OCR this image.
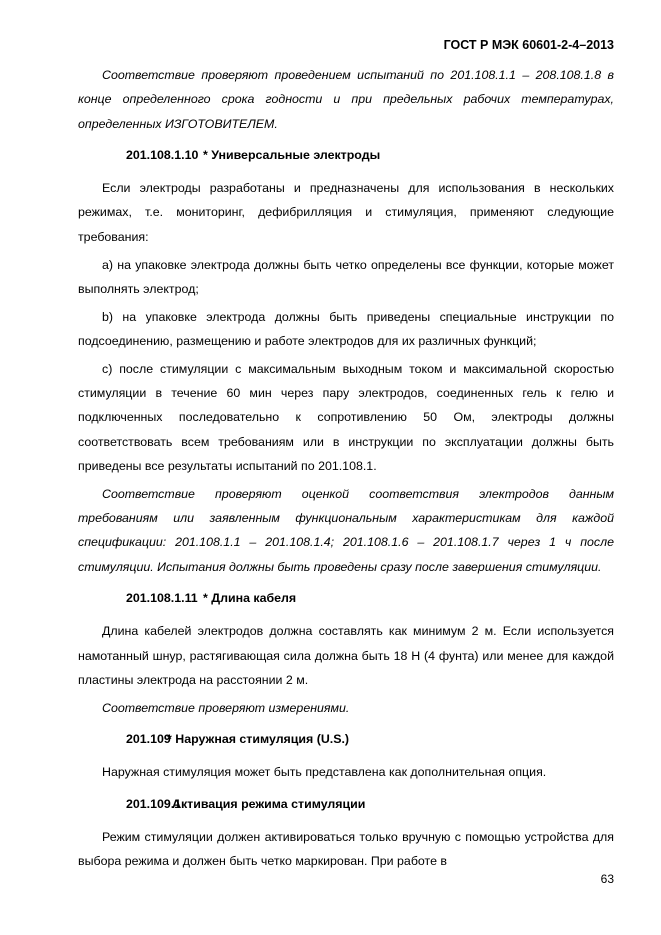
ГОСТ Р МЭК 60601-2-4–2013

Соответствие проверяют проведением испытаний по 201.108.1.1 – 208.108.1.8 в конце определенного срока годности и при предельных рабочих температурах, определенных ИЗГОТОВИТЕЛЕМ.

201.108.1.10 * Универсальные электроды

Если электроды разработаны и предназначены для использования в нескольких режимах, т.е. мониторинг, дефибрилляция и стимуляция, применяют следующие требования:

a) на упаковке электрода должны быть четко определены все функции, которые может выполнять электрод;

b) на упаковке электрода должны быть приведены специальные инструкции по подсоединению, размещению и работе электродов для их различных функций;

c) после стимуляции с максимальным выходным током и максимальной скоростью стимуляции в течение 60 мин через пару электродов, соединенных гель к гелю и подключенных последовательно к сопротивлению 50 Ом, электроды должны соответствовать всем требованиям или в инструкции по эксплуатации должны быть приведены все результаты испытаний по 201.108.1.

Соответствие проверяют оценкой соответствия электродов данным требованиям или заявленным функциональным характеристикам для каждой спецификации: 201.108.1.1 – 201.108.1.4; 201.108.1.6 – 201.108.1.7 через 1 ч после стимуляции. Испытания должны быть проведены сразу после завершения стимуляции.

201.108.1.11 * Длина кабеля

Длина кабелей электродов должна составлять как минимум 2 м. Если используется намотанный шнур, растягивающая сила должна быть 18 Н (4 фунта) или менее для каждой пластины электрода на расстоянии 2 м.

Соответствие проверяют измерениями.

201.109* Наружная стимуляция (U.S.)

Наружная стимуляция может быть представлена как дополнительная опция.

201.109.1Активация режима стимуляции

Режим стимуляции должен активироваться только вручную с помощью устройства для выбора режима и должен быть четко маркирован. При работе в

63
